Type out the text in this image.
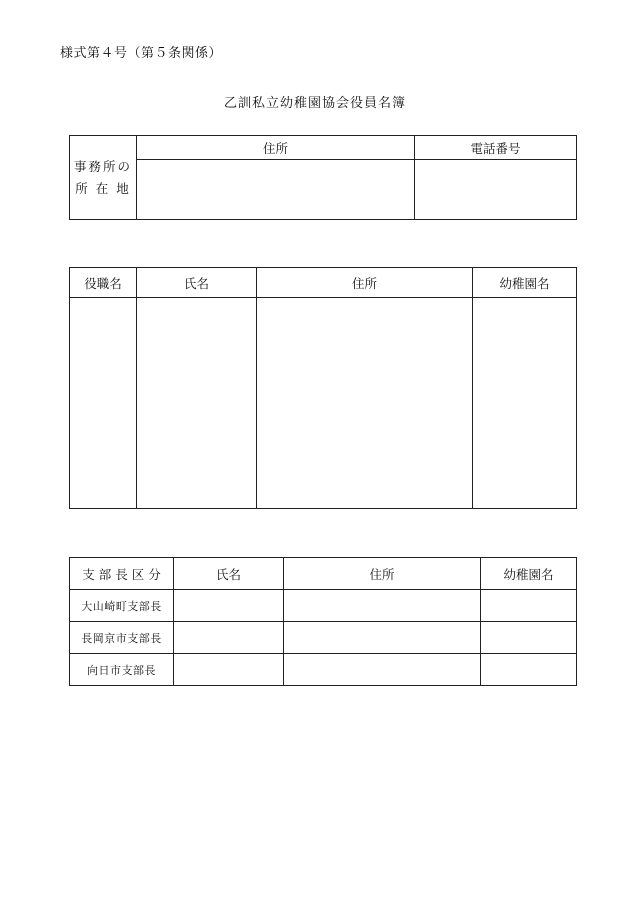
様式第４号（第５条関係）
乙訓私立幼稚園協会役員名簿
事務所の
所 在 地	住所	電話番号

役職名	氏名	住所	幼稚園名

支 部 長 区 分	氏名	住所	幼稚園名
大山崎町支部長			
長岡京市支部長			
向日市支部長			
